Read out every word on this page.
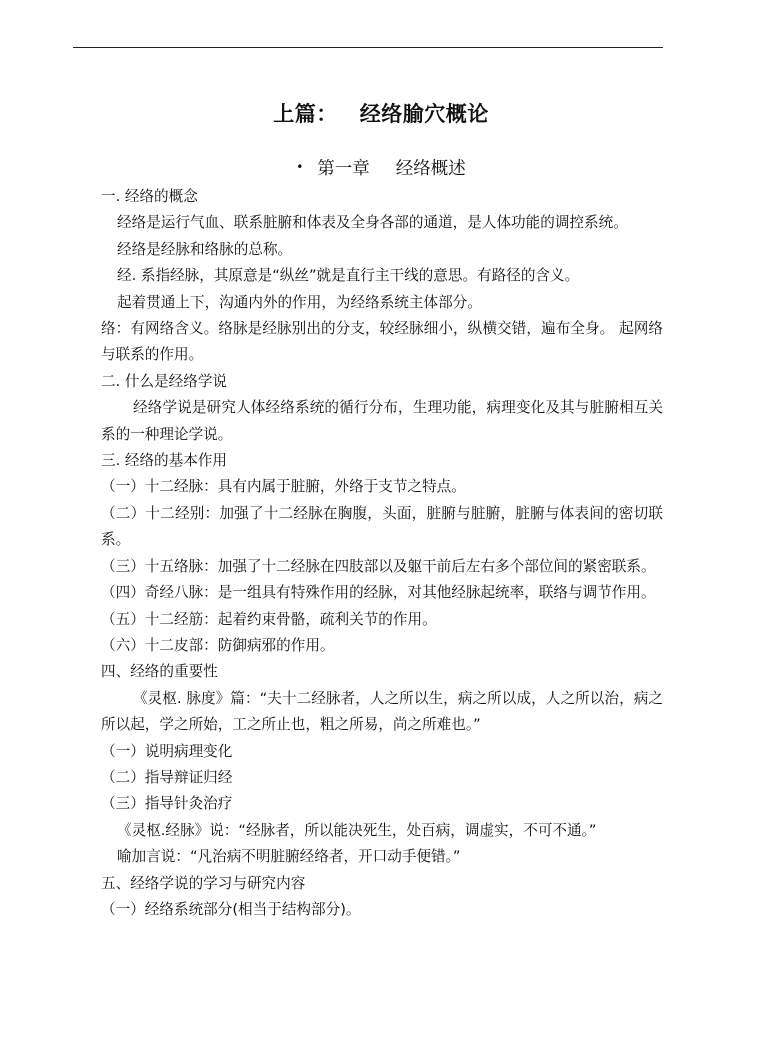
上篇： 经络腧穴概论
• 第一章 经络概述

一. 经络的概念

经络是运行气血、联系脏腑和体表及全身各部的通道，是人体功能的调控系统。

经络是经脉和络脉的总称。

经. 系指经脉，其原意是“纵丝”就是直行主干线的意思。有路径的含义。

起着贯通上下，沟通内外的作用，为经络系统主体部分。

络：有网络含义。络脉是经脉别出的分支，较经脉细小，纵横交错，遍布全身。 起网络与联系的作用。

二. 什么是经络学说

经络学说是研究人体经络系统的循行分布，生理功能，病理变化及其与脏腑相互关系的一种理论学说。

三. 经络的基本作用

（一）十二经脉：具有内属于脏腑，外络于支节之特点。

（二）十二经别：加强了十二经脉在胸腹，头面，脏腑与脏腑，脏腑与体表间的密切联系。

（三）十五络脉：加强了十二经脉在四肢部以及躯干前后左右多个部位间的紧密联系。

（四）奇经八脉：是一组具有特殊作用的经脉，对其他经脉起统率，联络与调节作用。

（五）十二经筋：起着约束骨骼，疏利关节的作用。

（六）十二皮部：防御病邪的作用。

四、经络的重要性

《灵枢. 脉度》篇：“夫十二经脉者，人之所以生，病之所以成，人之所以治，病之所以起，学之所始，工之所止也，粗之所易，尚之所难也。”

（一）说明病理变化

（二）指导辩证归经

（三）指导针灸治疗

《灵枢.经脉》说：“经脉者，所以能决死生，处百病，调虚实，不可不通。”

喻加言说：“凡治病不明脏腑经络者，开口动手便错。”

五、经络学说的学习与研究内容

（一）经络系统部分(相当于结构部分)。
